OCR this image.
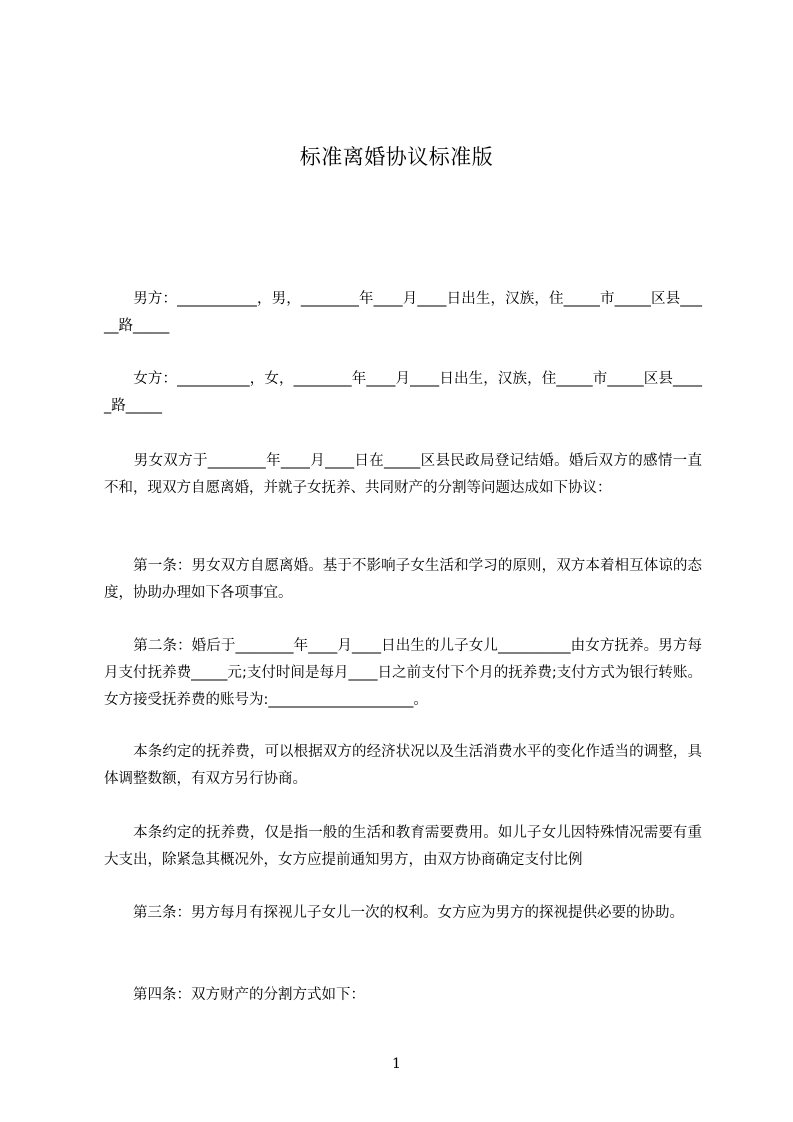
标准离婚协议标准版
　　男方：___________，男，________年____月____日出生，汉族，住_____市_____区县_____路_____
　　女方：__________，女，________年____月____日出生，汉族，住_____市_____区县_____路_____
　　男女双方于________年____月____日在_____区县民政局登记结婚。婚后双方的感情一直不和，现双方自愿离婚，并就子女抚养、共同财产的分割等问题达成如下协议：
　　第一条：男女双方自愿离婚。基于不影响子女生活和学习的原则，双方本着相互体谅的态度，协助办理如下各项事宜。
　　第二条：婚后于________年____月____日出生的儿子女儿__________由女方抚养。男方每月支付抚养费_____元;支付时间是每月____日之前支付下个月的抚养费;支付方式为银行转账。女方接受抚养费的账号为:____________________。
　　本条约定的抚养费，可以根据双方的经济状况以及生活消费水平的变化作适当的调整，具体调整数额，有双方另行协商。
　　本条约定的抚养费，仅是指一般的生活和教育需要费用。如儿子女儿因特殊情况需要有重大支出，除紧急其概况外，女方应提前通知男方，由双方协商确定支付比例
　　第三条：男方每月有探视儿子女儿一次的权利。女方应为男方的探视提供必要的协助。
　　第四条：双方财产的分割方式如下：
1
